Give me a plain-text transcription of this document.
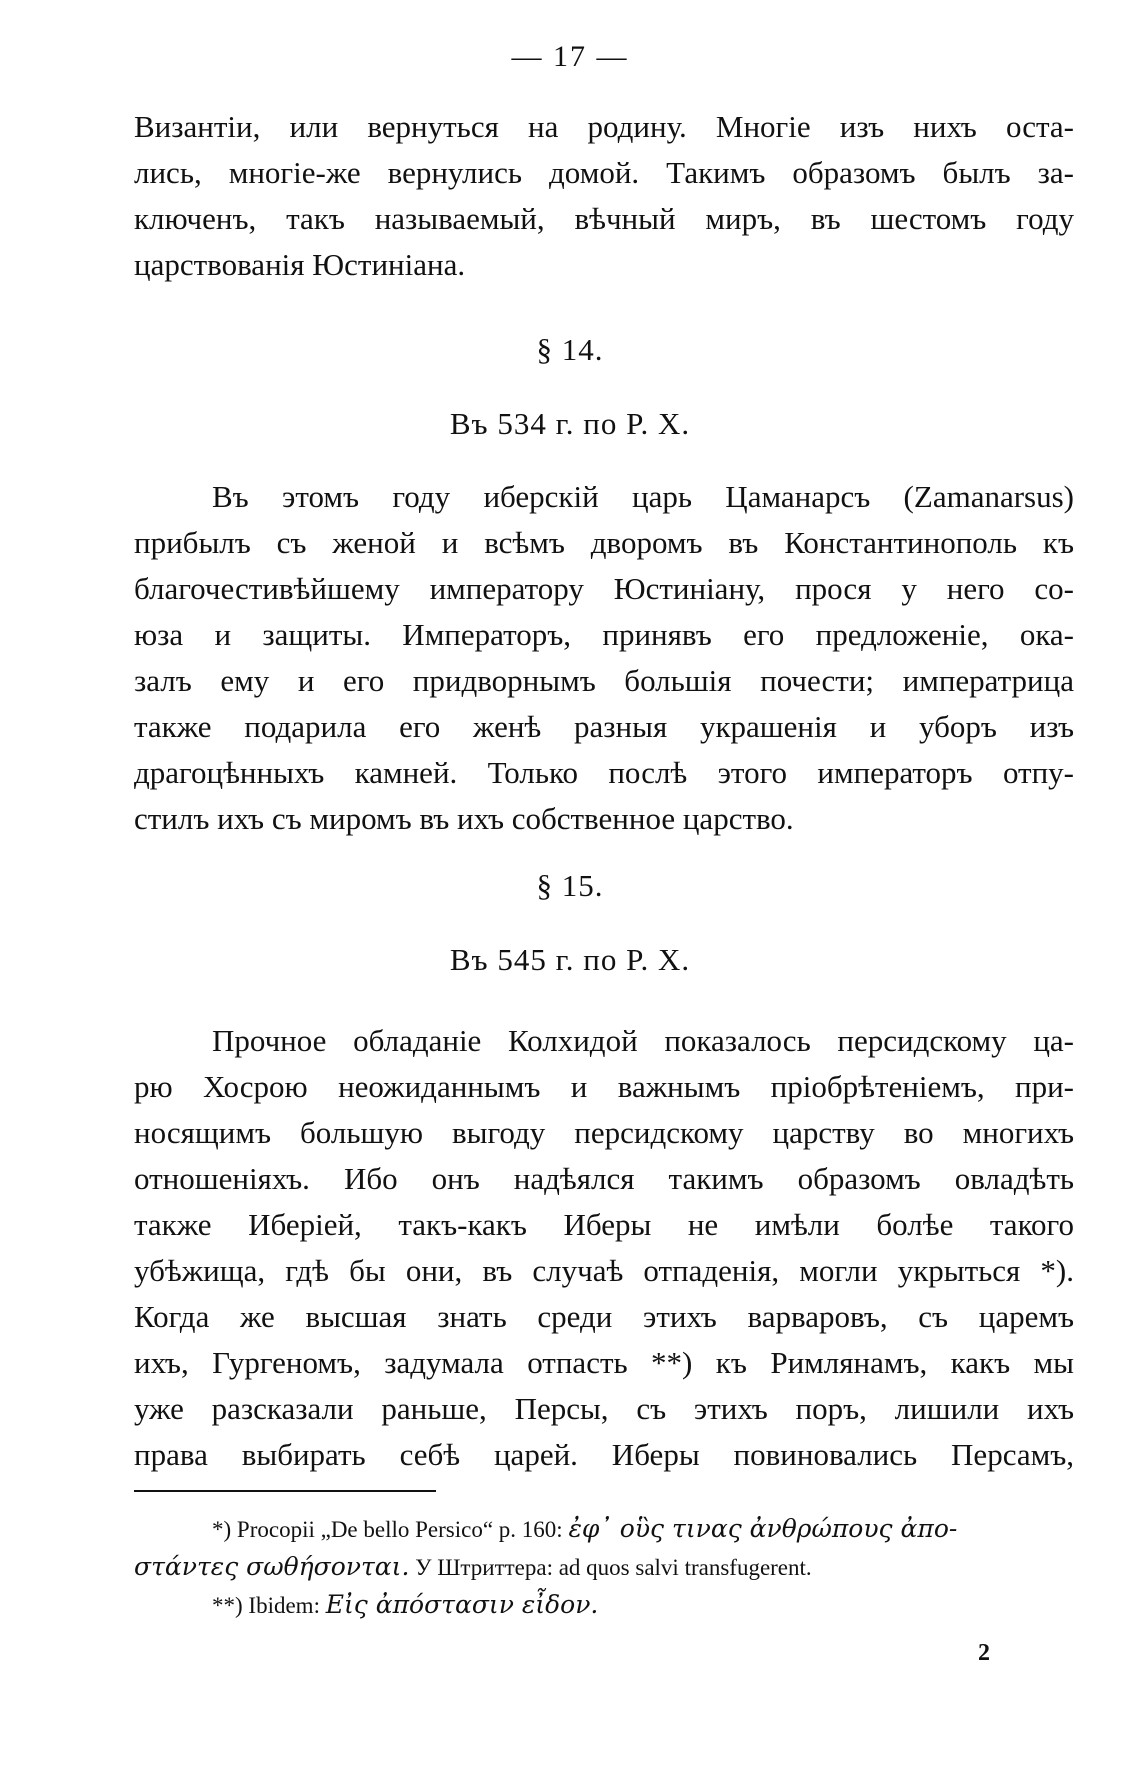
— 17 —
Византіи, или вернуться на родину. Многіе изъ нихъ оста-
лись, многіе-же вернулись домой. Такимъ образомъ былъ за-
ключенъ, такъ называемый, вѣчный миръ, въ шестомъ году
царствованія Юстиніана.
§ 14.
Въ 534 г. по Р. Х.
Въ этомъ году иберскій царь Цаманарсъ (Zamanarsus)
прибылъ съ женой и всѣмъ дворомъ въ Константинополь къ
благочестивѣйшему императору Юстиніану, прося у него со-
юза и защиты. Императоръ, принявъ его предложеніе, ока-
залъ ему и его придворнымъ большія почести; императрица
также подарила его женѣ разныя украшенія и уборъ изъ
драгоцѣнныхъ камней. Только послѣ этого императоръ отпу-
стилъ ихъ съ миромъ въ ихъ собственное царство.
§ 15.
Въ 545 г. по Р. Х.
Прочное обладаніе Колхидой показалось персидскому ца-
рю Хосрою неожиданнымъ и важнымъ пріобрѣтеніемъ, при-
носящимъ большую выгоду персидскому царству во многихъ
отношеніяхъ. Ибо онъ надѣялся такимъ образомъ овладѣть
также Иберіей, такъ-какъ Иберы не имѣли болѣе такого
убѣжища, гдѣ бы они, въ случаѣ отпаденія, могли укрыться *).
Когда же высшая знать среди этихъ варваровъ, съ царемъ
ихъ, Гургеномъ, задумала отпасть **) къ Римлянамъ, какъ мы
уже разсказали раньше, Персы, съ этихъ поръ, лишили ихъ
права выбирать себѣ царей. Иберы повиновались Персамъ,
*) Procopii „De bello Persico“ p. 160: ἐφ᾽ οὓς τινας ἀνθρώπους ἀπο-
στάντες σωθήσονται. У Штриттера: ad quos salvi transfugerent.
**) Ibidem: Εἰς ἀπόστασιν εἶδον.
2
